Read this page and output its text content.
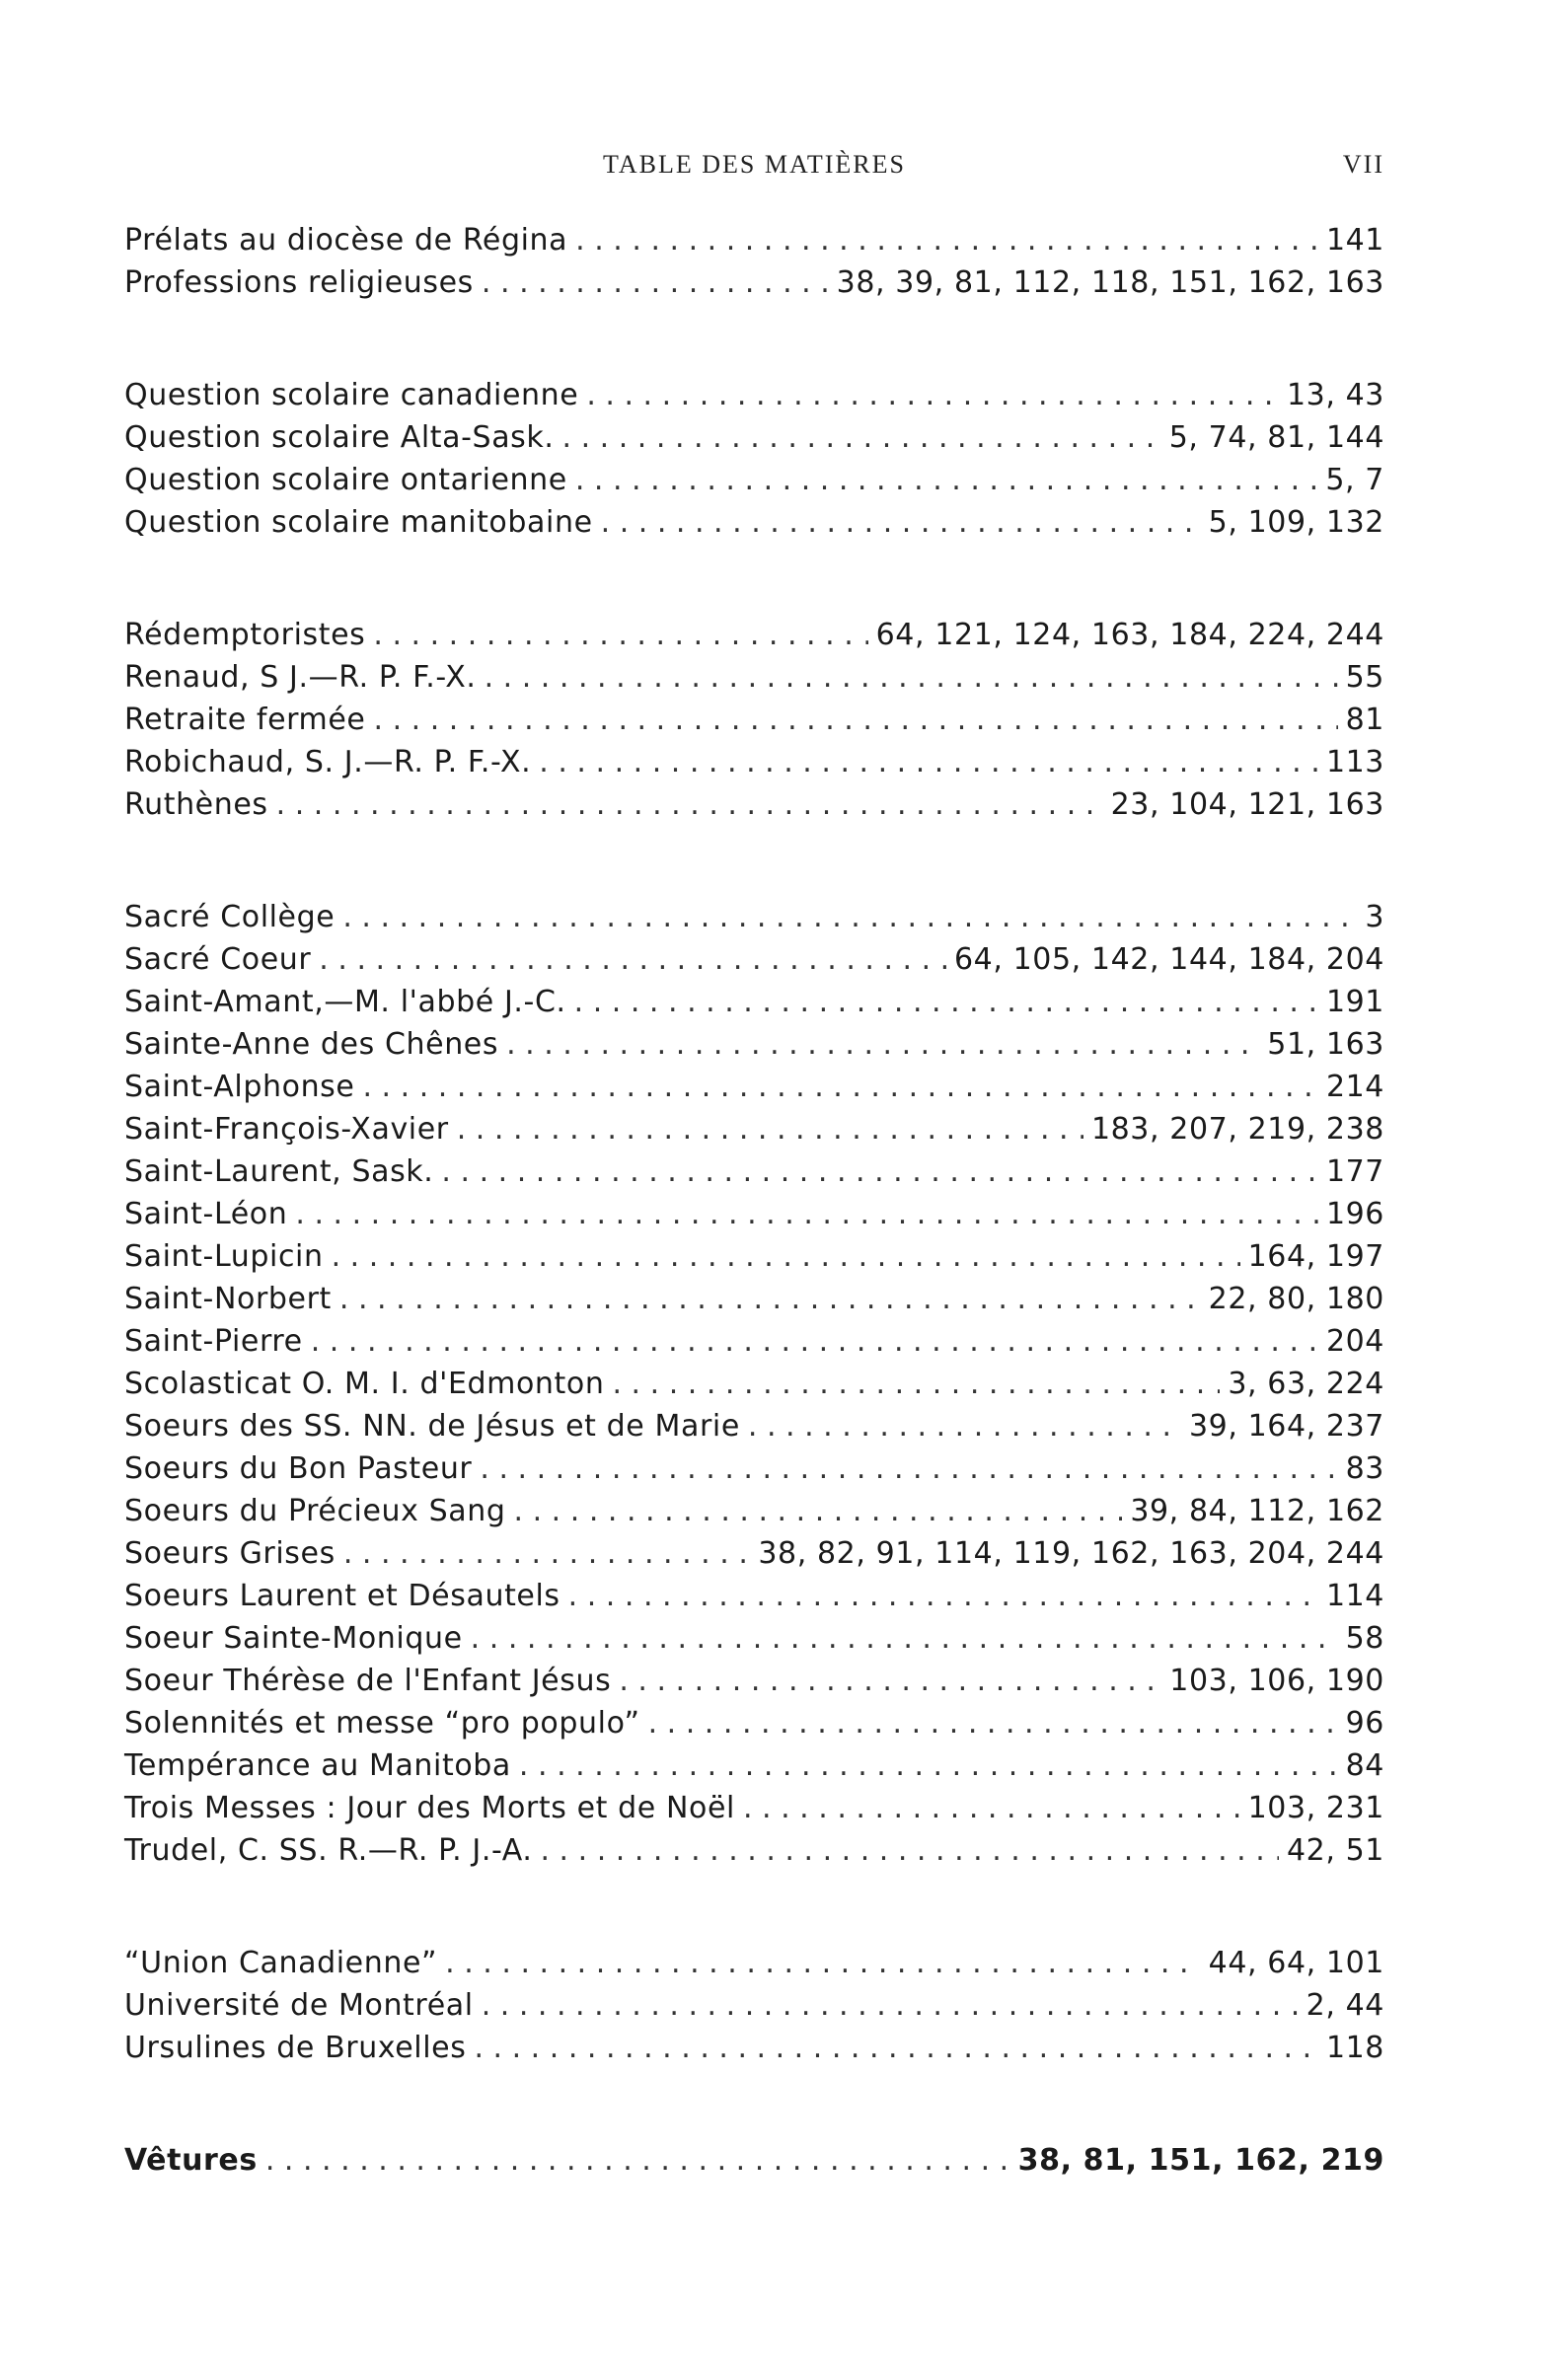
TABLE DES MATIÈRES	VII
Prélats au diocèse de Régina . . .	141
Professions religieuses . . .	38, 39, 81, 112, 118, 151, 162, 163
Question scolaire canadienne . . .	13, 43
Question scolaire Alta-Sask. . . .	5, 74, 81, 144
Question scolaire ontarienne . . .	5, 7
Question scolaire manitobaine . . .	5, 109, 132
Rédemptoristes . . .	64, 121, 124, 163, 184, 224, 244
Renaud, S J.—R. P. F.-X. . . .	55
Retraite fermée . . .	81
Robichaud, S. J.—R. P. F.-X. . . .	113
Ruthènes . . .	23, 104, 121, 163
Sacré Collège . . .	3
Sacré Coeur . . .	64, 105, 142, 144, 184, 204
Saint-Amant,—M. l'abbé J.-C. . . .	191
Sainte-Anne des Chênes . . .	51, 163
Saint-Alphonse . . .	214
Saint-François-Xavier . . .	183, 207, 219, 238
Saint-Laurent, Sask. . . .	177
Saint-Léon . . .	196
Saint-Lupicin . . .	164, 197
Saint-Norbert . . .	22, 80, 180
Saint-Pierre . . .	204
Scolasticat O. M. I. d'Edmonton . . .	3, 63, 224
Soeurs des SS. NN. de Jésus et de Marie . . .	39, 164, 237
Soeurs du Bon Pasteur . . .	83
Soeurs du Précieux Sang . . .	39, 84, 112, 162
Soeurs Grises . . .	38, 82, 91, 114, 119, 162, 163, 204, 244
Soeurs Laurent et Désautels . . .	114
Soeur Sainte-Monique . . .	58
Soeur Thérèse de l'Enfant Jésus . . .	103, 106, 190
Solennités et messe “pro populo” . . .	96
Tempérance au Manitoba . . .	84
Trois Messes : Jour des Morts et de Noël . . .	103, 231
Trudel, C. SS. R.—R. P. J.-A. . . .	42, 51
“Union Canadienne” . . .	44, 64, 101
Université de Montréal . . .	2, 44
Ursulines de Bruxelles . . .	118
Vêtures . . .	38, 81, 151, 162, 219
